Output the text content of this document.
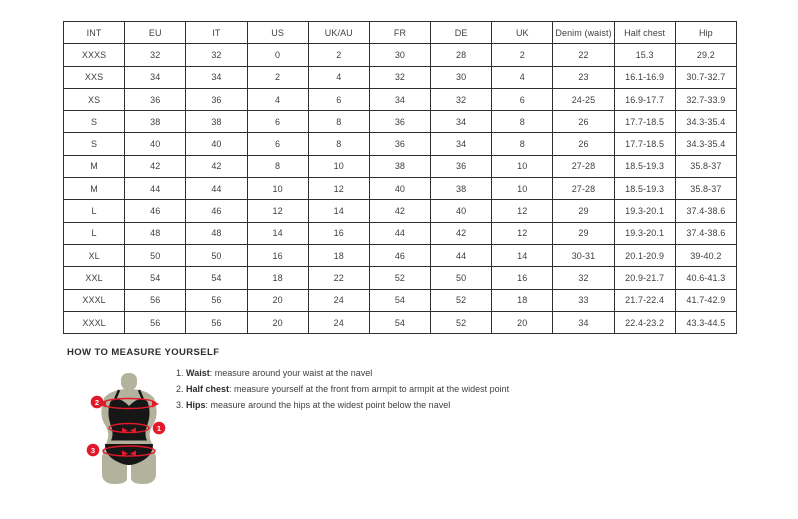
INT	EU	IT	US	UK/AU	FR	DE	UK	Denim (waist)	Half chest	Hip
XXXS	32	32	0	2	30	28	2	22	15.3	29.2
XXS	34	34	2	4	32	30	4	23	16.1-16.9	30.7-32.7
XS	36	36	4	6	34	32	6	24-25	16.9-17.7	32.7-33.9
S	38	38	6	8	36	34	8	26	17.7-18.5	34.3-35.4
S	40	40	6	8	36	34	8	26	17.7-18.5	34.3-35.4
M	42	42	8	10	38	36	10	27-28	18.5-19.3	35.8-37
M	44	44	10	12	40	38	10	27-28	18.5-19.3	35.8-37
L	46	46	12	14	42	40	12	29	19.3-20.1	37.4-38.6
L	48	48	14	16	44	42	12	29	19.3-20.1	37.4-38.6
XL	50	50	16	18	46	44	14	30-31	20.1-20.9	39-40.2
XXL	54	54	18	22	52	50	16	32	20.9-21.7	40.6-41.3
XXXL	56	56	20	24	54	52	18	33	21.7-22.4	41.7-42.9
XXXL	56	56	20	24	54	52	20	34	22.4-23.2	43.3-44.5
HOW TO MEASURE YOURSELF
1. Waist: measure around your waist at the navel
2. Half chest: measure yourself at the front from armpit to armpit at the widest point
3. Hips: measure around the hips at the widest point below the navel
2
1
3
